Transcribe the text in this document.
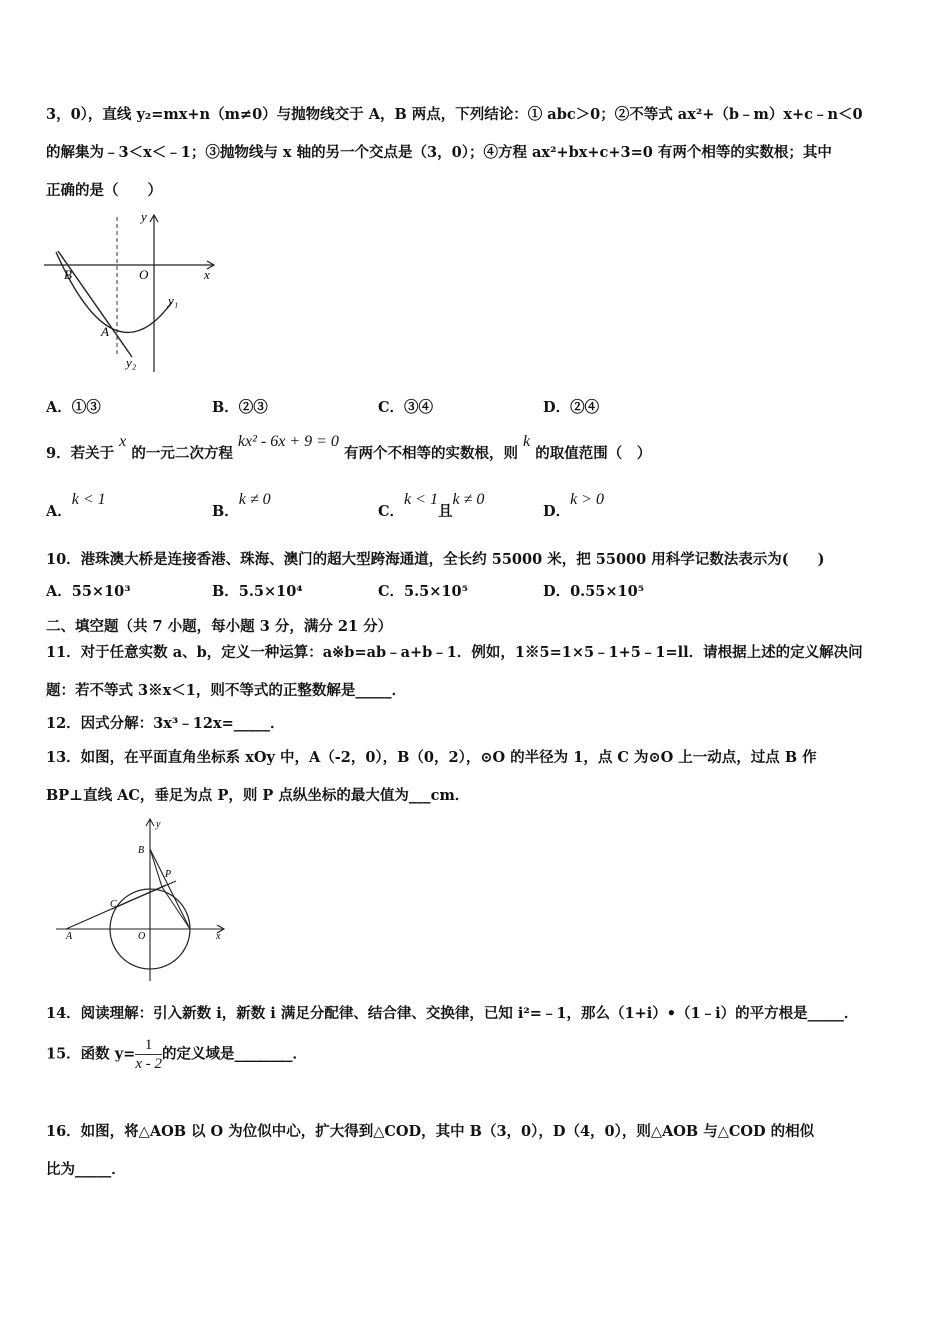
3，0），直线 y₂=mx+n（m≠0）与抛物线交于 A，B 两点，下列结论：① abc＞0；②不等式 ax²+（b﹣m）x+c﹣n＜0
的解集为﹣3＜x＜﹣1；③抛物线与 x 轴的另一个交点是（3，0）；④方程 ax²+bx+c+3=0 有两个相等的实数根；其中
正确的是（　　）
y
x
B	O
y₁
A
y₂
A．①③	B．②③	C．③④	D．②④
9．若关于 x 的一元二次方程 kx² - 6x + 9 = 0 有两个不相等的实数根，则 k 的取值范围（　）
A．k < 1
B．k ≠ 0
C．k < 1且k ≠ 0
D．k > 0
10．港珠澳大桥是连接香港、珠海、澳门的超大型跨海通道，全长约 55000 米，把 55000 用科学记数法表示为(　　)
A．55×10³	B．5.5×10⁴	C．5.5×10⁵	D．0.55×10⁵
二、填空题（共 7 小题，每小题 3 分，满分 21 分）
11．对于任意实数 a、b，定义一种运算：a※b=ab﹣a+b﹣1．例如，1※5=1×5﹣1+5﹣1=ll．请根据上述的定义解决问
题：若不等式 3※x＜1，则不等式的正整数解是_____．
12．因式分解：3x³﹣12x=_____．
13．如图，在平面直角坐标系 xOy 中，A（-2，0），B（0，2），⊙O 的半径为 1，点 C 为⊙O 上一动点，过点 B 作
BP⊥直线 AC，垂足为点 P，则 P 点纵坐标的最大值为___cm．
y
B
P
C
A	O	x
14．阅读理解：引入新数 i，新数 i 满足分配律、结合律、交换律，已知 i²=﹣1，那么（1+i）•（1﹣i）的平方根是_____．
15．函数 $y= \frac{1}{x - 2}$ 的定义域是________．
16．如图，将△AOB 以 O 为位似中心，扩大得到△COD，其中 B（3，0），D（4，0），则△AOB 与△COD 的相似
比为_____．
